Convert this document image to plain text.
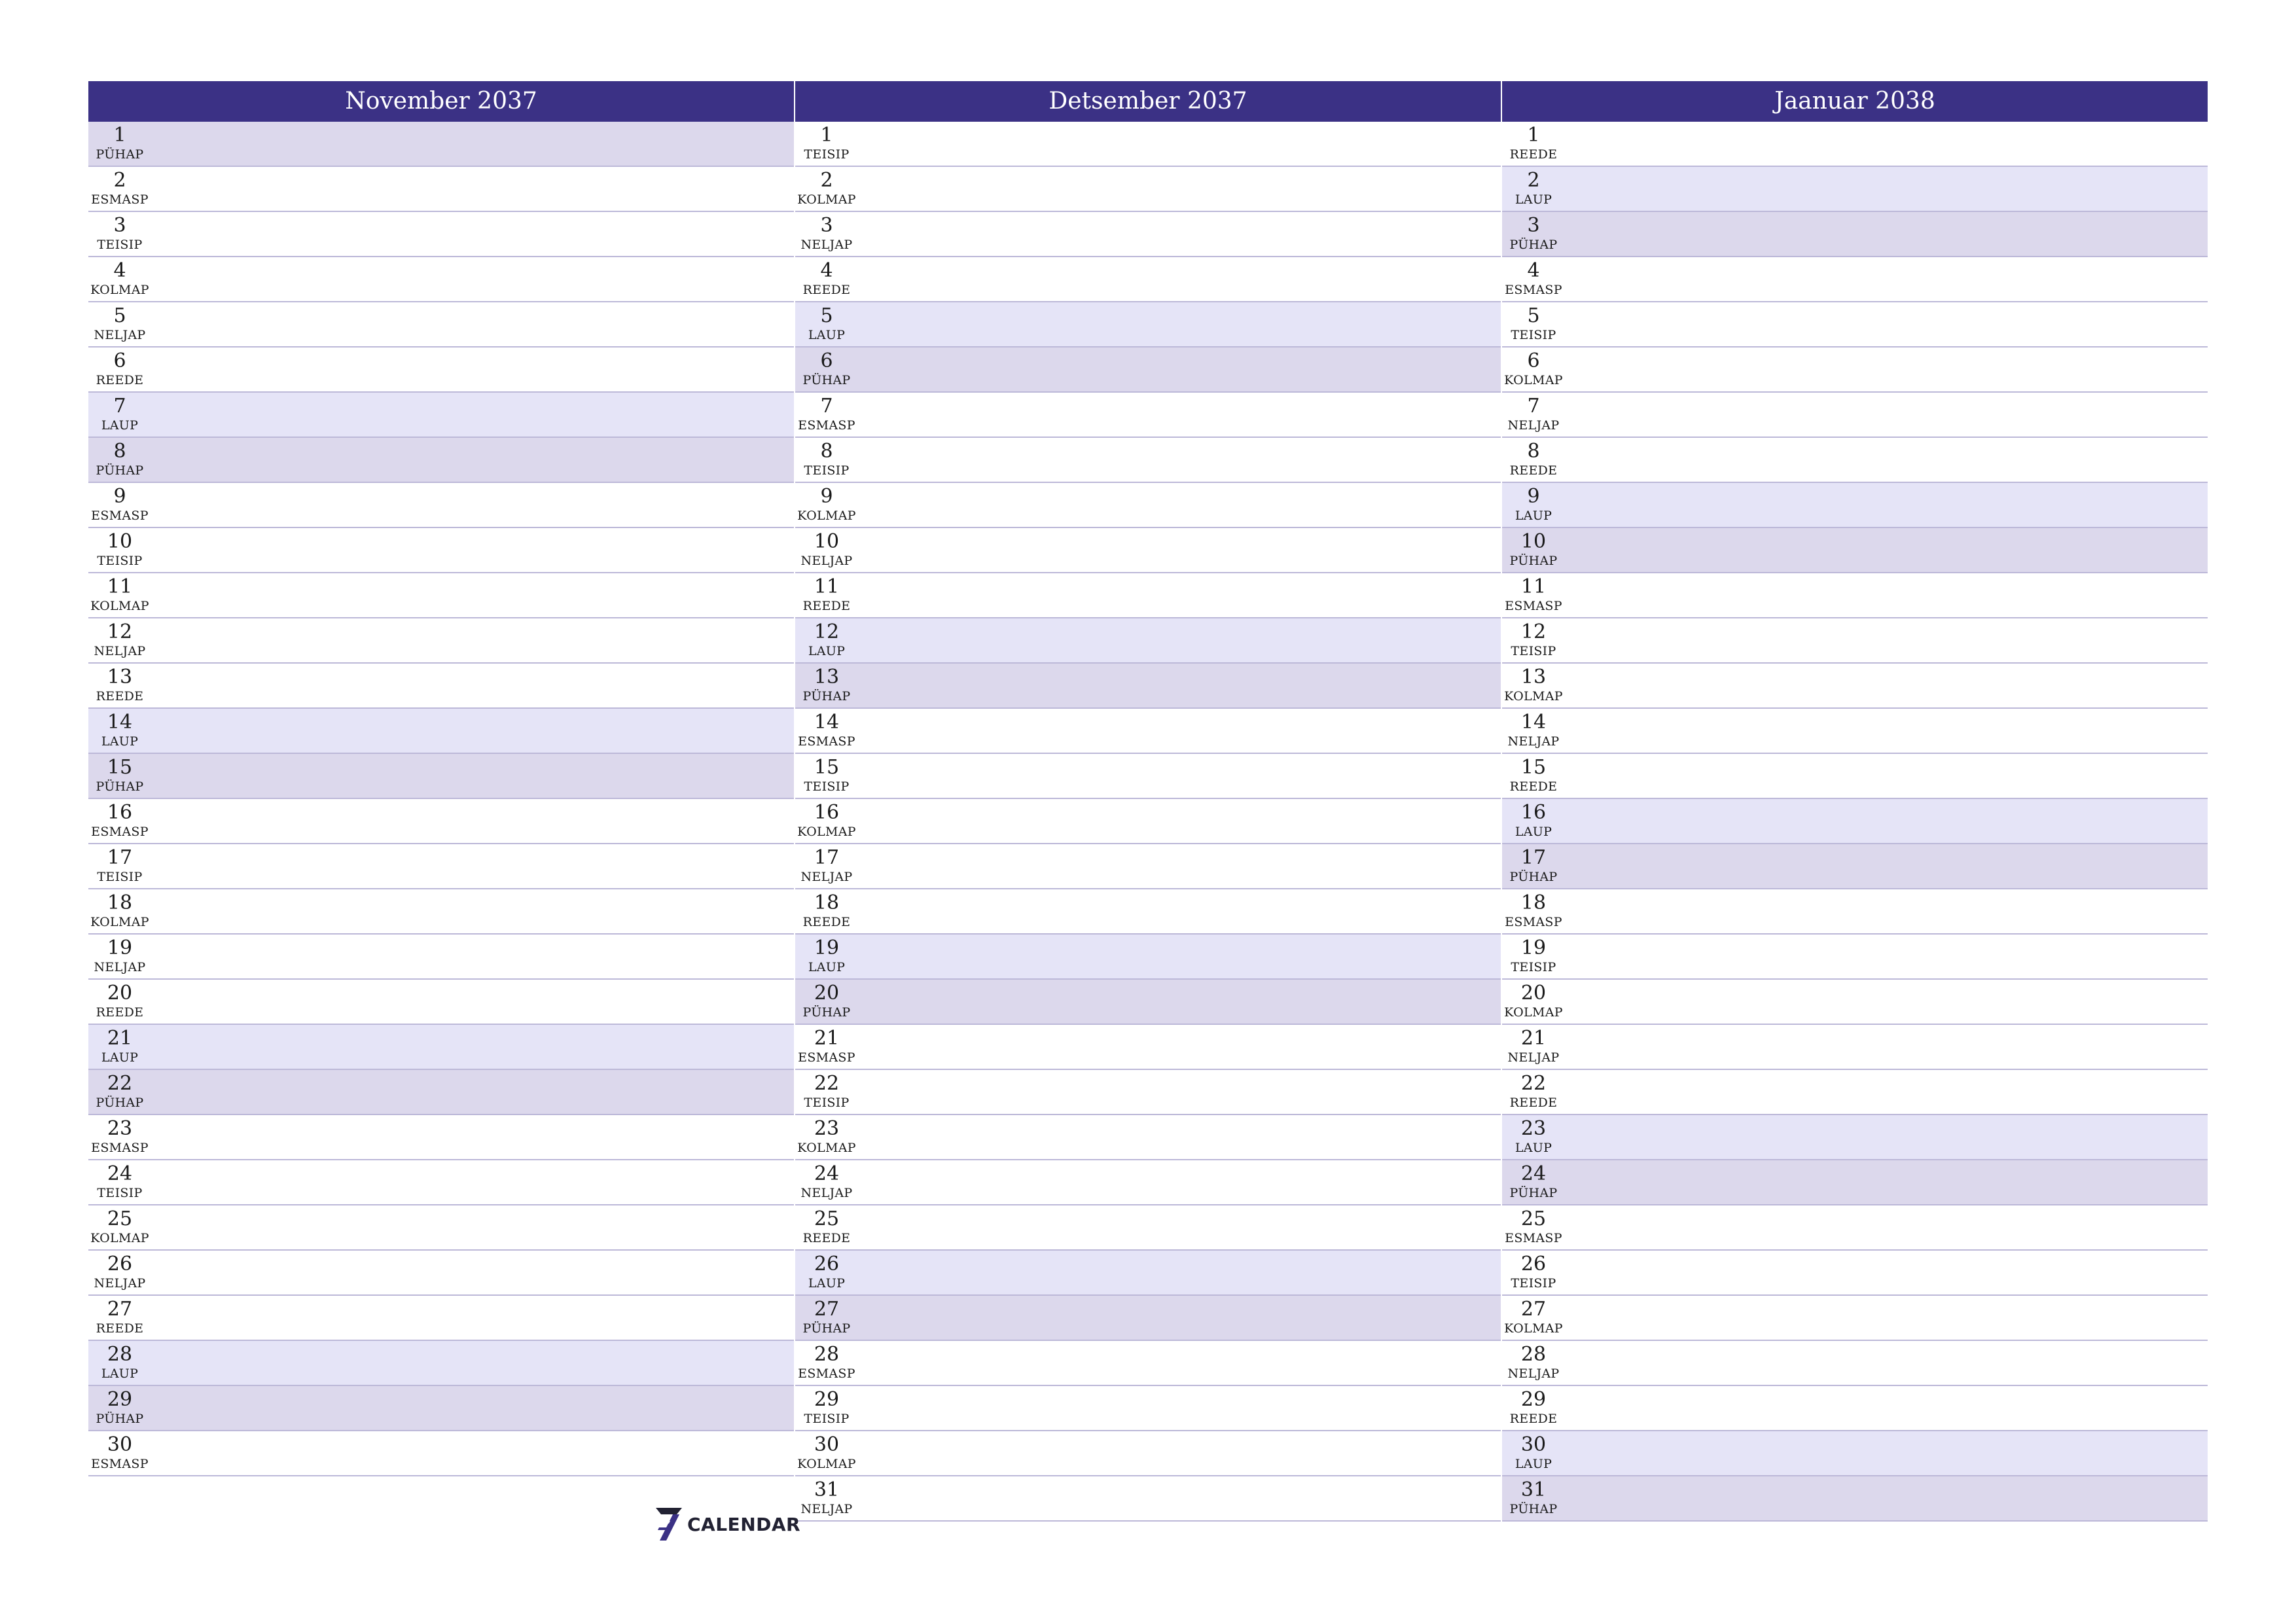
November 2037
1
PÜHAP
2
ESMASP
3
TEISIP
4
KOLMAP
5
NELJAP
6
REEDE
7
LAUP
8
PÜHAP
9
ESMASP
10
TEISIP
11
KOLMAP
12
NELJAP
13
REEDE
14
LAUP
15
PÜHAP
16
ESMASP
17
TEISIP
18
KOLMAP
19
NELJAP
20
REEDE
21
LAUP
22
PÜHAP
23
ESMASP
24
TEISIP
25
KOLMAP
26
NELJAP
27
REEDE
28
LAUP
29
PÜHAP
30
ESMASP
Detsember 2037
1
TEISIP
2
KOLMAP
3
NELJAP
4
REEDE
5
LAUP
6
PÜHAP
7
ESMASP
8
TEISIP
9
KOLMAP
10
NELJAP
11
REEDE
12
LAUP
13
PÜHAP
14
ESMASP
15
TEISIP
16
KOLMAP
17
NELJAP
18
REEDE
19
LAUP
20
PÜHAP
21
ESMASP
22
TEISIP
23
KOLMAP
24
NELJAP
25
REEDE
26
LAUP
27
PÜHAP
28
ESMASP
29
TEISIP
30
KOLMAP
31
NELJAP
Jaanuar 2038
1
REEDE
2
LAUP
3
PÜHAP
4
ESMASP
5
TEISIP
6
KOLMAP
7
NELJAP
8
REEDE
9
LAUP
10
PÜHAP
11
ESMASP
12
TEISIP
13
KOLMAP
14
NELJAP
15
REEDE
16
LAUP
17
PÜHAP
18
ESMASP
19
TEISIP
20
KOLMAP
21
NELJAP
22
REEDE
23
LAUP
24
PÜHAP
25
ESMASP
26
TEISIP
27
KOLMAP
28
NELJAP
29
REEDE
30
LAUP
31
PÜHAP
CALENDAR
